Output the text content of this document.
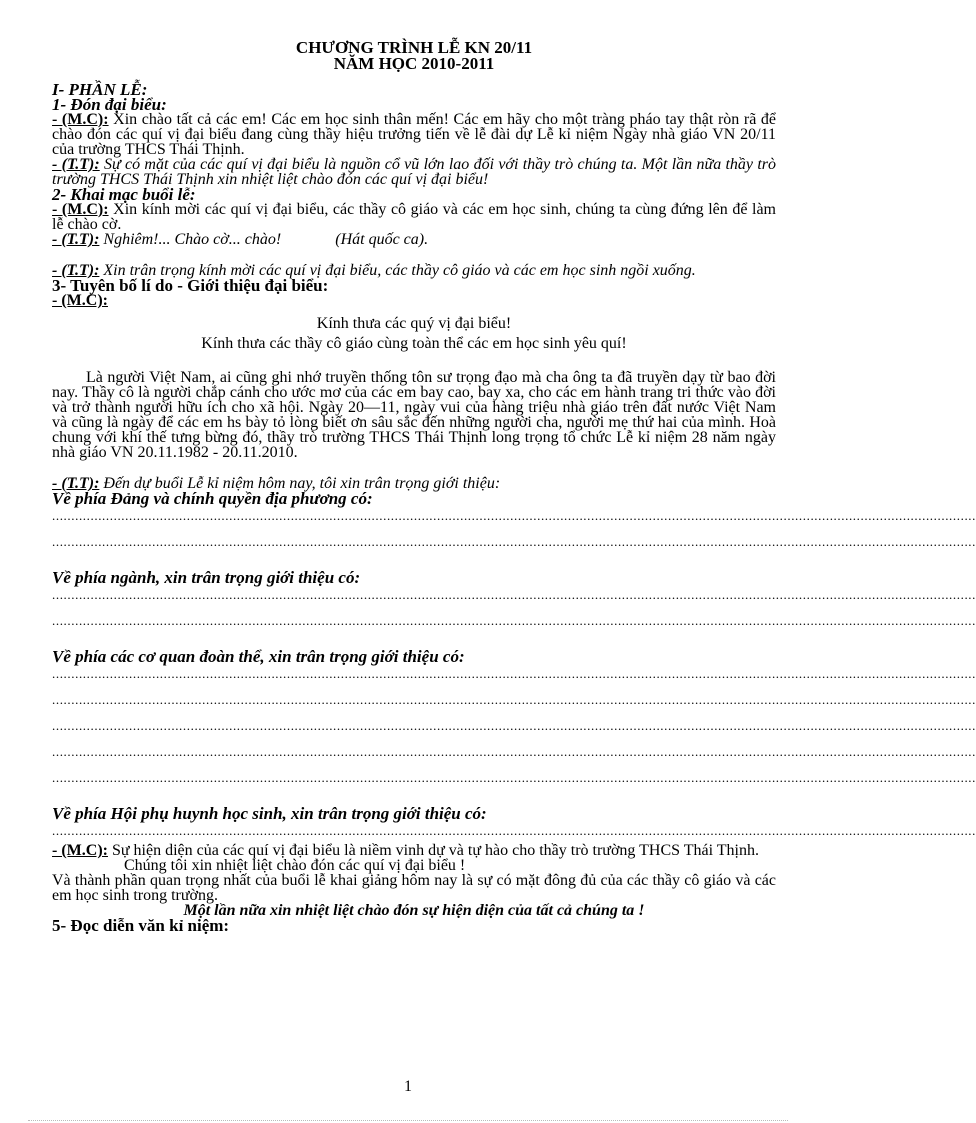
CHƯƠNG TRÌNH LỄ KN 20/11
NĂM HỌC 2010-2011
I- PHẦN LỄ:
1- Đón đại biểu:
- (M.C): Xin chào tất cả các em! Các em học sinh thân mến! Các em hãy cho một tràng pháo tay thật ròn rã để chào đón các quí vị đại biểu đang cùng thầy hiệu trưởng tiến về lễ đài dự Lễ kỉ niệm Ngày nhà giáo VN 20/11 của trường THCS Thái Thịnh.
- (T.T): Sự có mặt của các quí vị đại biểu là nguồn cổ vũ lớn lao đối với thầy trò chúng ta. Một lần nữa thầy trò trường THCS Thái Thịnh xin nhiệt liệt chào đón các quí vị đại biểu!
2- Khai mạc buổi lễ:
- (M.C): Xin kính mời các quí vị đại biểu, các thầy cô giáo và các em học sinh, chúng ta cùng đứng lên để làm lễ chào cờ.
- (T.T): Nghiêm!... Chào cờ... chào!	(Hát quốc ca).
- (T.T): Xin trân trọng kính mời các quí vị đại biểu, các thầy cô giáo và các em học sinh ngồi xuống.
3- Tuyên bố lí do - Giới thiệu đại biểu:
- (M.C):
Kính thưa các quý vị đại biểu!
Kính thưa các thầy cô giáo cùng toàn thể các em học sinh yêu quí!
Là người Việt Nam, ai cũng ghi nhớ truyền thống tôn sư trọng đạo mà cha ông ta đã truyền dạy từ bao đời nay. Thầy cô là người chắp cánh cho ước mơ của các em bay cao, bay xa, cho các em hành trang tri thức vào đời và trở thành người hữu ích cho xã hội. Ngày 20—11, ngày vui của hàng triệu nhà giáo trên đất nước Việt Nam và cũng là ngày để các em hs bày tỏ lòng biết ơn sâu sắc đến những người cha, người mẹ thứ hai của mình. Hoà chung với khí thế tưng bừng đó, thầy trò trường THCS Thái Thịnh long trọng tổ chức Lễ kỉ niệm 28 năm ngày nhà giáo VN 20.11.1982 - 20.11.2010.
- (T.T): Đến dự buổi Lễ kỉ niệm hôm nay, tôi xin trân trọng giới thiệu:
Về phía Đảng và chính quyền địa phương có:
................................................................................................................................................................................................................................................
................................................................................................................................................................................................................................................
Về phía ngành, xin trân trọng giới thiệu có:
................................................................................................................................................................................................................................................
................................................................................................................................................................................................................................................
Về phía các cơ quan đoàn thể, xin trân trọng giới thiệu có:
................................................................................................................................................................................................................................................
................................................................................................................................................................................................................................................
................................................................................................................................................................................................................................................
................................................................................................................................................................................................................................................
................................................................................................................................................................................................................................................
Về phía Hội phụ huynh học sinh, xin trân trọng giới thiệu có:
................................................................................................................................................................................................................................................
- (M.C): Sự hiện diện của các quí vị đại biểu là niềm vinh dự và tự hào cho thầy trò trường THCS Thái Thịnh.
Chúng tôi xin nhiệt liệt chào đón các quí vị đại biểu !
Và thành phần quan trọng nhất của buổi lễ khai giảng hôm nay là sự có mặt đông đủ của các thầy cô giáo và các em học sinh trong trường.
Một lần nữa xin nhiệt liệt chào đón sự hiện diện của tất cả chúng ta !
5- Đọc diễn văn kỉ niệm:
1
